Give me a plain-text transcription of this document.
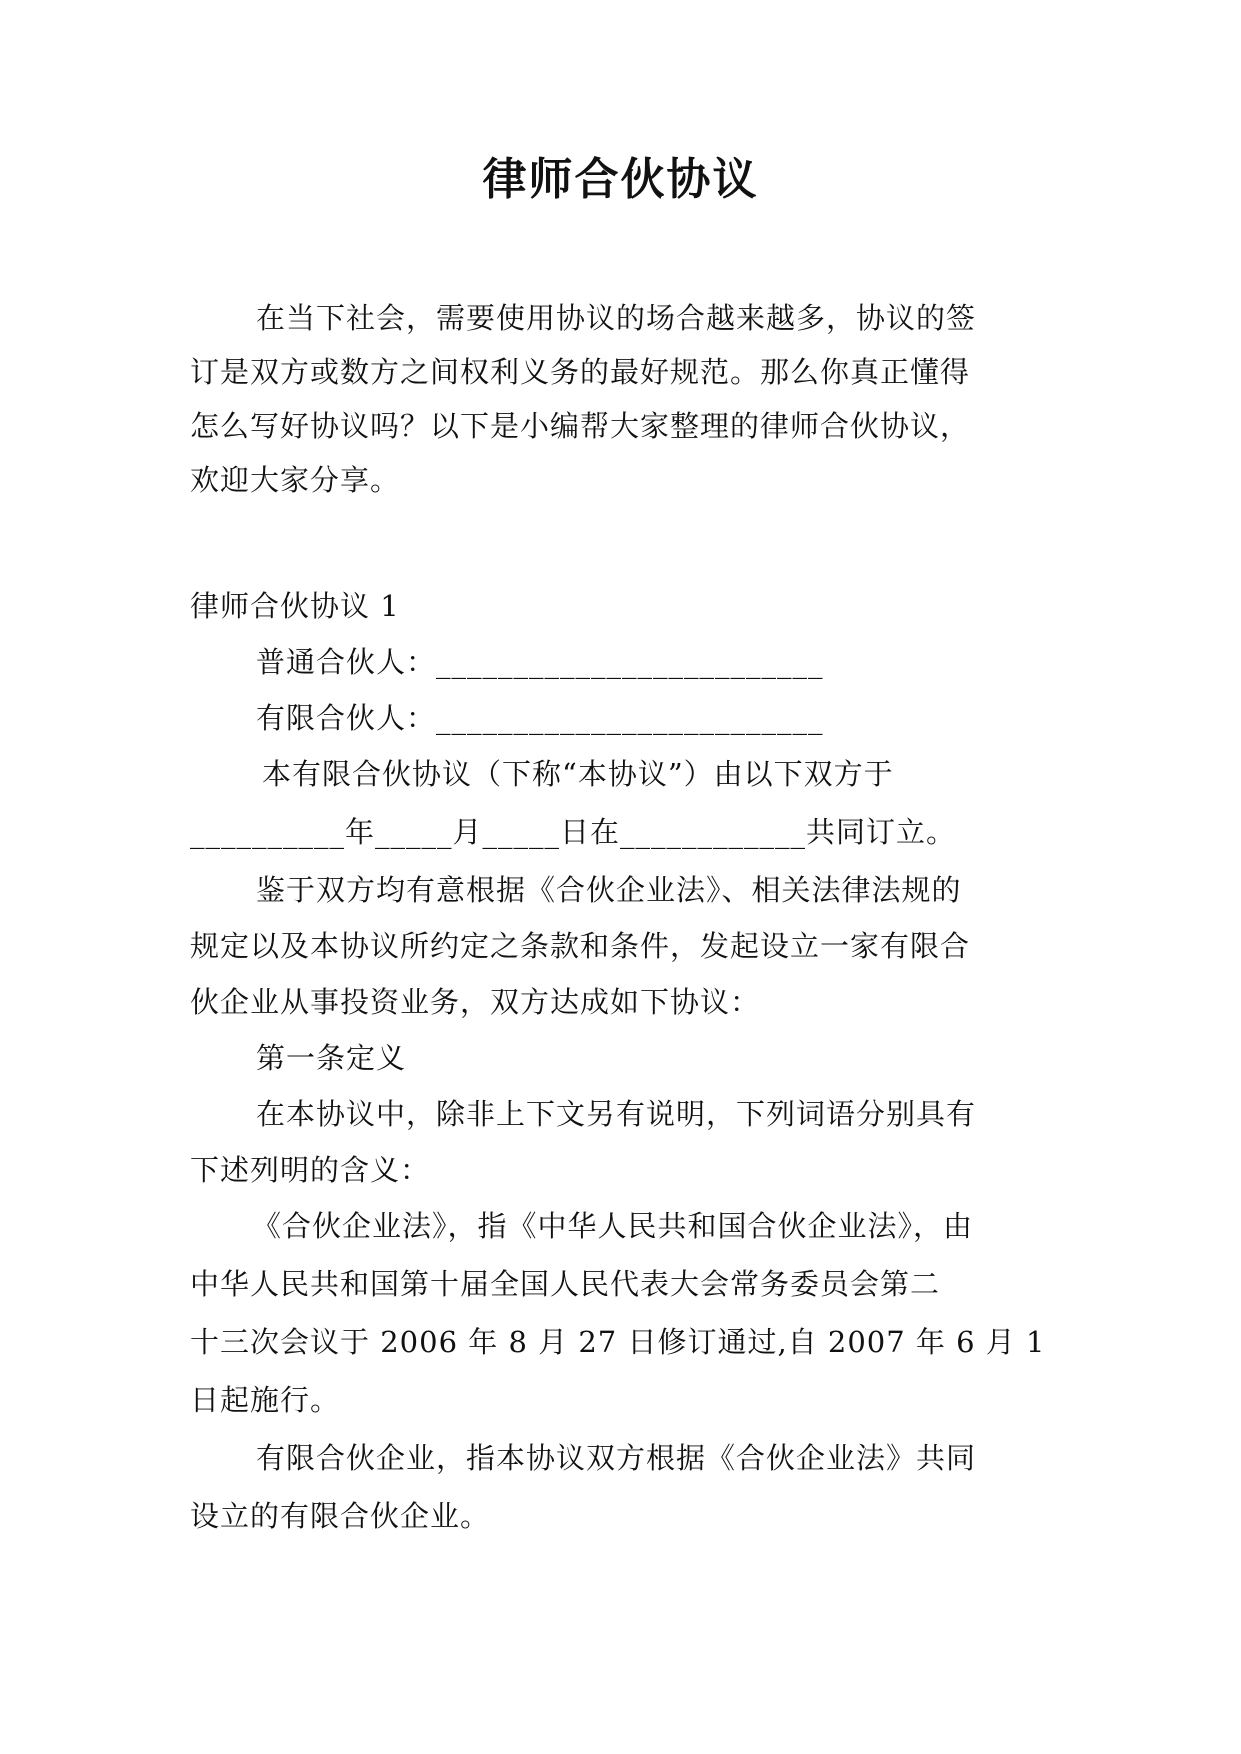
律师合伙协议
在当下社会，需要使用协议的场合越来越多，协议的签
订是双方或数方之间权利义务的最好规范。那么你真正懂得
怎么写好协议吗？以下是小编帮大家整理的律师合伙协议，
欢迎大家分享。
律师合伙协议 1
普通合伙人：_________________________
有限合伙人：_________________________
本有限合伙协议（下称“本协议”）由以下双方于
__________年_____月_____日在____________共同订立。
鉴于双方均有意根据《合伙企业法》、相关法律法规的
规定以及本协议所约定之条款和条件，发起设立一家有限合
伙企业从事投资业务，双方达成如下协议：
第一条定义
在本协议中，除非上下文另有说明，下列词语分别具有
下述列明的含义：
《合伙企业法》，指《中华人民共和国合伙企业法》，由
中华人民共和国第十届全国人民代表大会常务委员会第二
十三次会议于 2006 年 8 月 27 日修订通过,自 2007 年 6 月 1
日起施行。
有限合伙企业，指本协议双方根据《合伙企业法》共同
设立的有限合伙企业。
